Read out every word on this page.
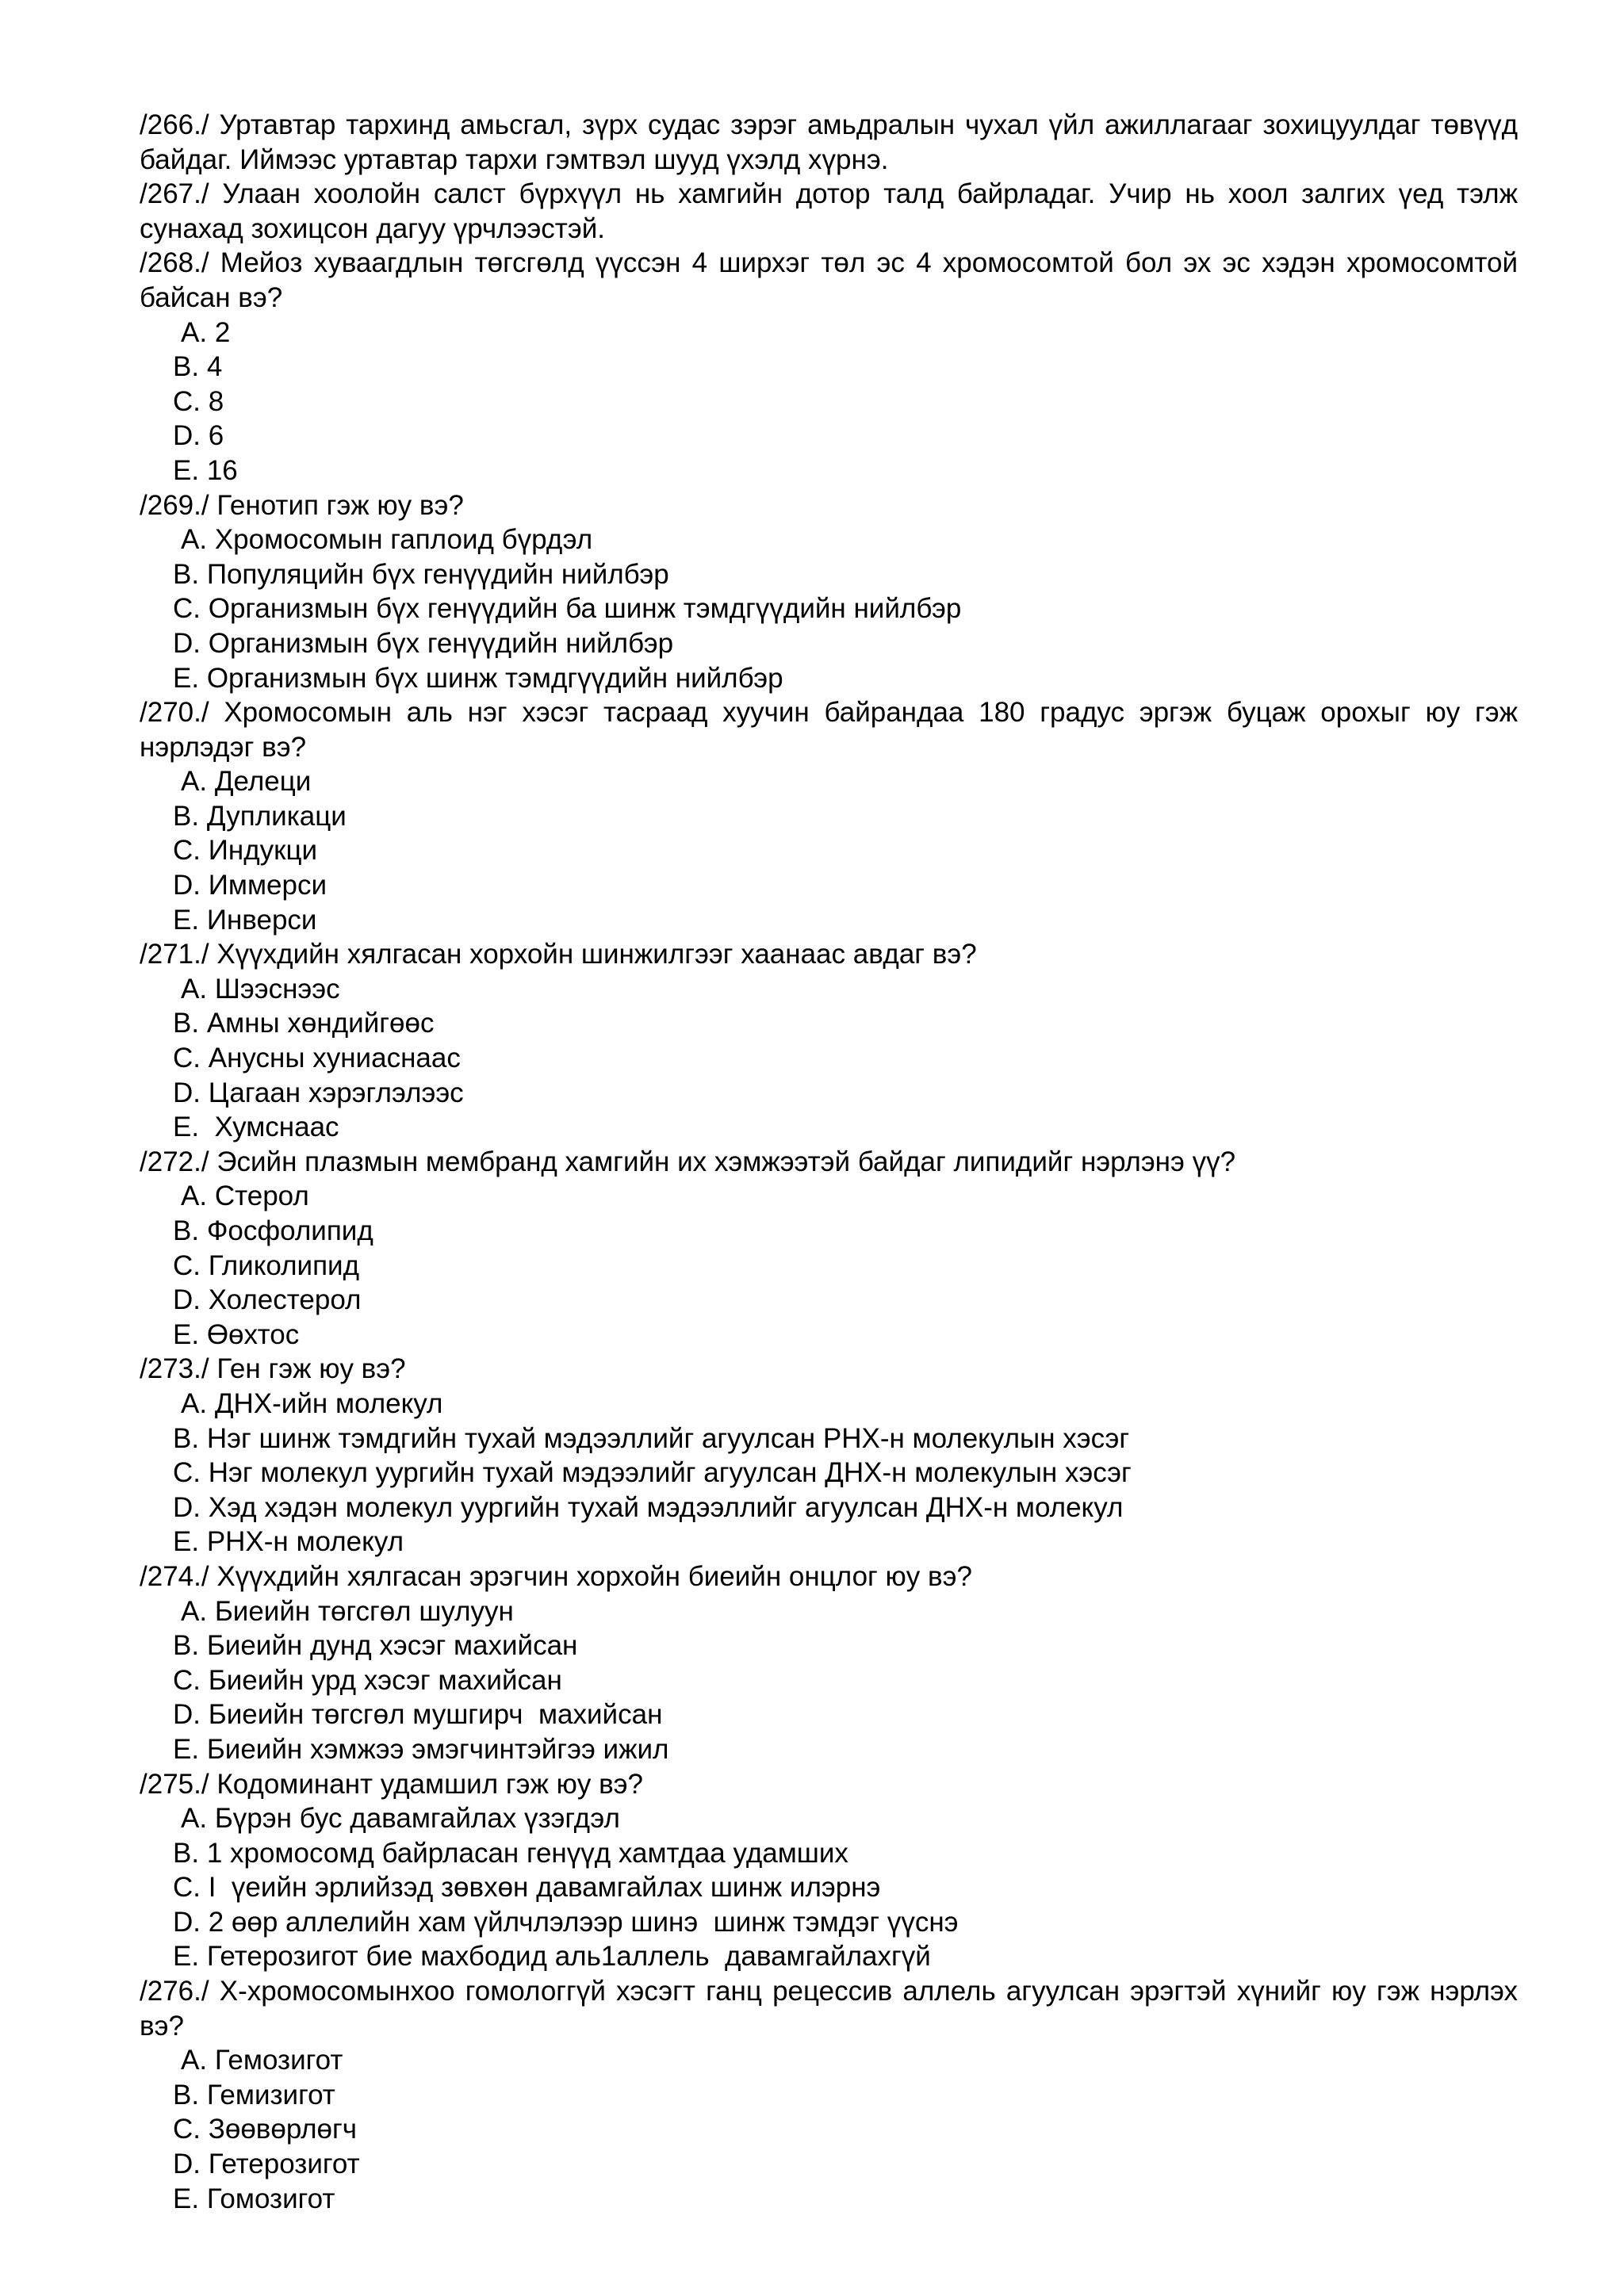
/266./ Уртавтар тархинд амьсгал, зүрх судас зэрэг амьдралын чухал үйл ажиллагааг зохицуулдаг төвүүд байдаг. Иймээс уртавтар тархи гэмтвэл шууд үхэлд хүрнэ.
/267./ Улаан хоолойн салст бүрхүүл нь хамгийн дотор талд байрладаг. Учир нь хоол залгих үед тэлж сунахад зохицсон дагуу үрчлээстэй.
/268./ Мейоз хуваагдлын төгсгөлд үүссэн 4 ширхэг төл эс 4 хромосомтой бол эх эс хэдэн хромосомтой байсан вэ?
A. 2
B. 4
C. 8
D. 6
E. 16
/269./ Генотип гэж юу вэ?
A. Хромосомын гаплоид бүрдэл
B. Популяцийн бүх генүүдийн нийлбэр
C. Организмын бүх генүүдийн ба шинж тэмдгүүдийн нийлбэр
D. Организмын бүх генүүдийн нийлбэр
E. Организмын бүх шинж тэмдгүүдийн нийлбэр
/270./ Хромосомын аль нэг хэсэг тасраад хуучин байрандаа 180 градус эргэж буцаж орохыг юу гэж нэрлэдэг вэ?
A. Делеци
B. Дупликаци
C. Индукци
D. Иммерси
E. Инверси
/271./ Хүүхдийн хялгасан хорхойн шинжилгээг хаанаас авдаг вэ?
A. Шээснээс
B. Амны хөндийгөөс
C. Анусны хуниаснаас
D. Цагаан хэрэглэлээс
E.  Хумснаас
/272./ Эсийн плазмын мембранд хамгийн их хэмжээтэй байдаг липидийг нэрлэнэ үү?
A. Стерол
B. Фосфолипид
C. Гликолипид
D. Холестерол
E. Өөхтос
/273./ Ген гэж юу вэ?
A. ДНХ-ийн молекул
B. Нэг шинж тэмдгийн тухай мэдээллийг агуулсан РНХ-н молекулын хэсэг
C. Нэг молекул уургийн тухай мэдээлийг агуулсан ДНХ-н молекулын хэсэг
D. Хэд хэдэн молекул уургийн тухай мэдээллийг агуулсан ДНХ-н молекул
E. РНХ-н молекул
/274./ Хүүхдийн хялгасан эрэгчин хорхойн биеийн онцлог юу вэ?
A. Биеийн төгсгөл шулуун
B. Биеийн дунд хэсэг махийсан
C. Биеийн урд хэсэг махийсан
D. Биеийн төгсгөл мушгирч  махийсан
E. Биеийн хэмжээ эмэгчинтэйгээ ижил
/275./ Кодоминант удамшил гэж юу вэ?
A. Бүрэн бус давамгайлах үзэгдэл
B. 1 хромосомд байрласан генүүд хамтдаа удамших
C. I  үеийн эрлийзэд зөвхөн давамгайлах шинж илэрнэ
D. 2 өөр аллелийн хам үйлчлэлээр шинэ  шинж тэмдэг үүснэ
E. Гетерозигот бие махбодид аль1аллель  давамгайлахгүй
/276./ Х-хромосомынхоо гомологгүй хэсэгт ганц рецессив аллель агуулсан эрэгтэй хүнийг юу гэж нэрлэх вэ?
A. Гемозигот
B. Гемизигот
C. Зөөвөрлөгч
D. Гетерозигот
E. Гомозигот
